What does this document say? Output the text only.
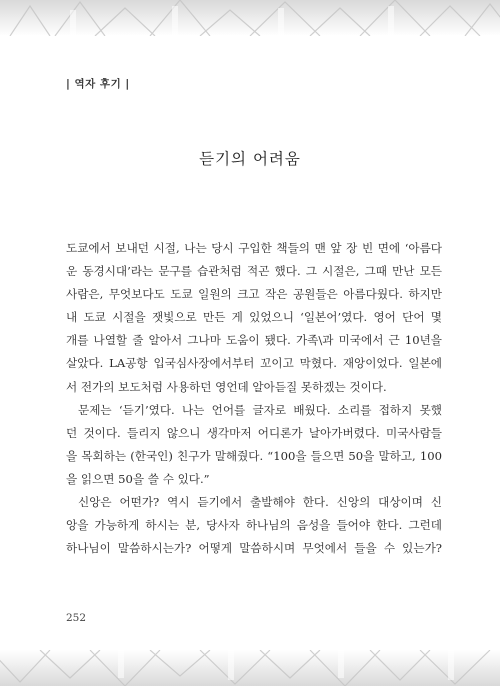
| 역자 후기 |
듣기의 어려움
도쿄에서 보내던 시절, 나는 당시 구입한 책들의 맨 앞 장 빈 면에 ‘아름다
운 동경시대’라는 문구를 습관처럼 적곤 했다. 그 시절은, 그때 만난 모든
사람은, 무엇보다도 도쿄 일원의 크고 작은 공원들은 아름다웠다. 하지만
내 도쿄 시절을 잿빛으로 만든 게 있었으니 ‘일본어’였다. 영어 단어 몇
개를 나열할 줄 알아서 그나마 도움이 됐다. 가족\과 미국에서 근 10년을
살았다. LA공항 입국심사장에서부터 꼬이고 막혔다. 재앙이었다. 일본에
서 전가의 보도처럼 사용하던 영언데 알아듣질 못하겠는 것이다.
문제는 ‘듣기’였다. 나는 언어를 글자로 배웠다. 소리를 접하지 못했
던 것이다. 들리지 않으니 생각마저 어디론가 날아가버렸다. 미국사람들
을 목회하는 (한국인) 친구가 말해줬다. “100을 들으면 50을 말하고, 100
을 읽으면 50을 쓸 수 있다.”
신앙은 어떤가? 역시 듣기에서 출발해야 한다. 신앙의 대상이며 신
앙을 가능하게 하시는 분, 당사자 하나님의 음성을 들어야 한다. 그런데
하나님이 말씀하시는가? 어떻게 말씀하시며 무엇에서 들을 수 있는가?
252
